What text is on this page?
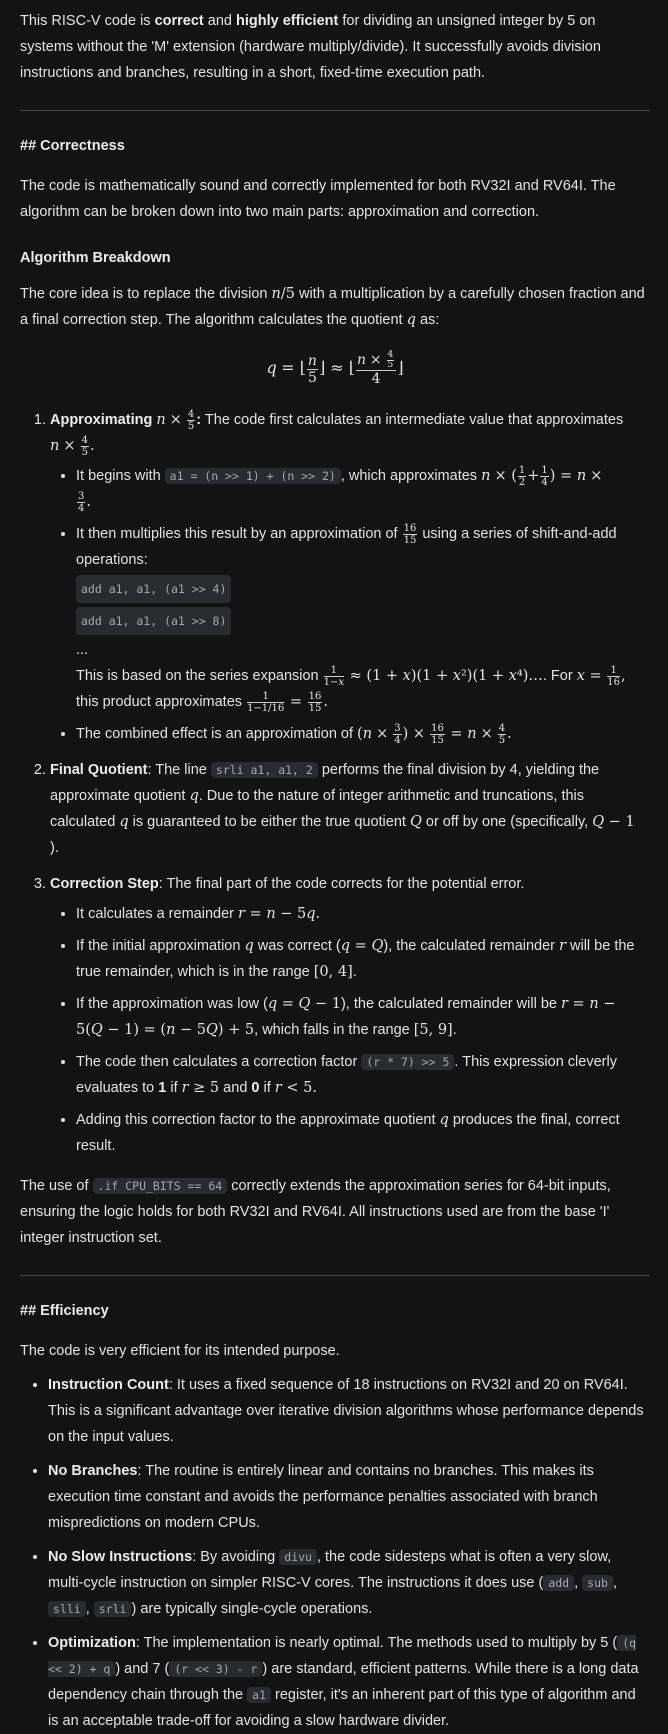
This RISC-V code is correct and highly efficient for dividing an unsigned integer by 5 on systems without the 'M' extension (hardware multiply/divide). It successfully avoids division instructions and branches, resulting in a short, fixed-time execution path.

## Correctness

The code is mathematically sound and correctly implemented for both RV32I and RV64I. The algorithm can be broken down into two main parts: approximation and correction.

Algorithm Breakdown

The core idea is to replace the division n/5 with a multiplication by a carefully chosen fraction and a final correction step. The algorithm calculates the quotient q as:

q = ⌊ $\frac{n}{5}$ ⌋ ≈ ⌊ $\frac{n \times \frac{4}{5}}{4}$ ⌋
1. Approximating $n \times \frac{4}{5}$ : The code first calculates an intermediate value that approximates
$n \times \frac{4}{5}$ .
• It begins with a1 = (n >> 1) + (n >> 2) , which approximates n × ( $\frac{1}{2} + \frac{1}{4}$ ) = n ×

$\frac{3}{4}$ .
• It then multiplies this result by an approximation of $\frac{16}{15}$ using a series of shift-and-add operations:
add a1, a1, (a1 >> 4)
add a1, a1, (a1 >> 8)
...
This is based on the series expansion $\frac{1}{1-x} \approx (1 + x)(1 + x^2)(1$ + x⁴)…. For $x = \frac{1}{16}$ ,
this product approximates $\frac{1}{1-1/16} = \frac{16}{15}$ .
• The combined effect is an approximation of ($n \times \frac{3}{4}$ ) × $\frac{16}{15} = n \times \frac{4}{5}$ .
2. Final Quotient: The line srli a1, a1, 2 performs the final division by 4, yielding the approximate quotient q. Due to the nature of integer arithmetic and truncations, this calculated q is guaranteed to be either the true quotient Q or off by one (specifically, Q − 1
).
3. Correction Step: The final part of the code corrects for the potential error.
• It calculates a remainder r = n − 5q.
• If the initial approximation q was correct (q = Q), the calculated remainder r will be the true remainder, which is in the range [0, 4].
• If the approximation was low (q = Q − 1), the calculated remainder will be r = n −
5(Q − 1) = (n − 5Q) + 5, which falls in the range [5, 9].
• The code then calculates a correction factor (r * 7) >> 5 . This expression cleverly evaluates to 1 if r ≥ 5 and 0 if r < 5.
• Adding this correction factor to the approximate quotient q produces the final, correct result.

The use of .if CPU_BITS == 64 correctly extends the approximation series for 64-bit inputs, ensuring the logic holds for both RV32I and RV64I. All instructions used are from the base 'I' integer instruction set.

## Efficiency

The code is very efficient for its intended purpose.

• Instruction Count: It uses a fixed sequence of 18 instructions on RV32I and 20 on RV64I. This is a significant advantage over iterative division algorithms whose performance depends on the input values.
• No Branches: The routine is entirely linear and contains no branches. This makes its execution time constant and avoids the performance penalties associated with branch mispredictions on modern CPUs.
• No Slow Instructions: By avoiding divu , the code sidesteps what is often a very slow, multi-cycle instruction on simpler RISC-V cores. The instructions it does use ( add , sub ,
slli , srli ) are typically single-cycle operations.
• Optimization: The implementation is nearly optimal. The methods used to multiply by 5 ( (q << 2) + q ) and 7 ( (r << 3) - r ) are standard, efficient patterns. While there is a long data dependency chain through the a1 register, it's an inherent part of this type of algorithm and is an acceptable trade-off for avoiding a slow hardware divider.
